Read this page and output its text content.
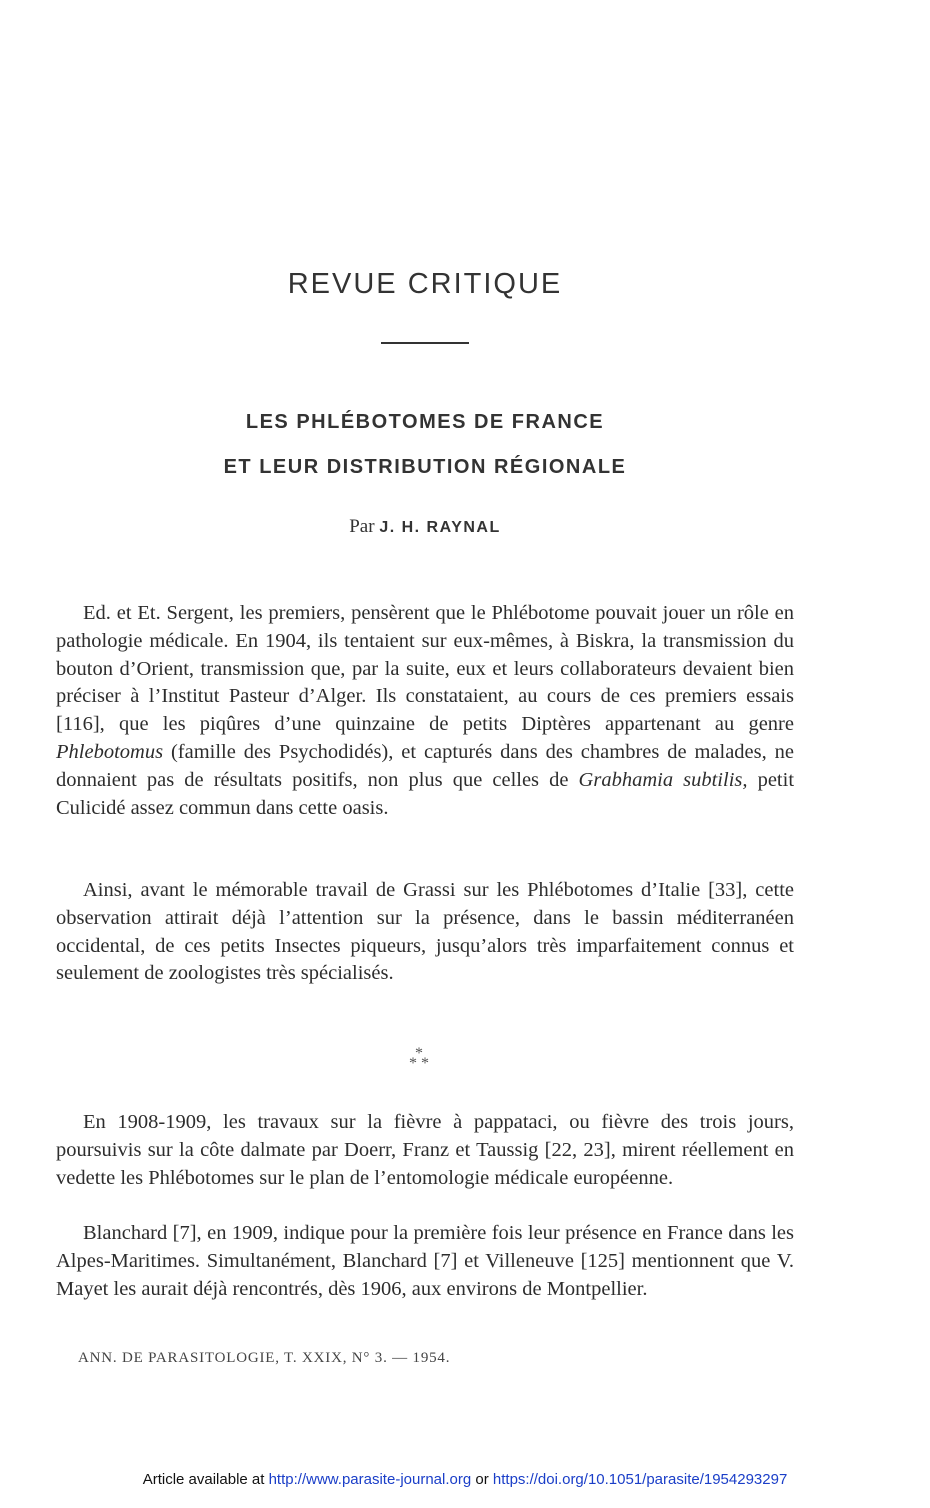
REVUE CRITIQUE
LES PHLÉBOTOMES DE FRANCE
ET LEUR DISTRIBUTION RÉGIONALE
Par J. H. RAYNAL

Ed. et Et. Sergent, les premiers, pensèrent que le Phlébotome pouvait jouer un rôle en pathologie médicale. En 1904, ils tentaient sur eux-mêmes, à Biskra, la transmission du bouton d’Orient, transmission que, par la suite, eux et leurs collaborateurs devaient bien préciser à l’Institut Pasteur d’Alger. Ils constataient, au cours de ces premiers essais [116], que les piqûres d’une quinzaine de petits Diptères appartenant au genre Phlebotomus (famille des Psychodidés), et capturés dans des chambres de malades, ne donnaient pas de résultats positifs, non plus que celles de Grabhamia subtilis, petit Culicidé assez commun dans cette oasis.

Ainsi, avant le mémorable travail de Grassi sur les Phlébotomes d’Italie [33], cette observation attirait déjà l’attention sur la présence, dans le bassin méditerranéen occidental, de ces petits Insectes piqueurs, jusqu’alors très imparfaitement connus et seulement de zoologistes très spécialisés.

*
* *

En 1908-1909, les travaux sur la fièvre à pappataci, ou fièvre des trois jours, poursuivis sur la côte dalmate par Doerr, Franz et Taussig [22, 23], mirent réellement en vedette les Phlébotomes sur le plan de l’entomologie médicale européenne.

Blanchard [7], en 1909, indique pour la première fois leur présence en France dans les Alpes-Maritimes. Simultanément, Blanchard [7] et Villeneuve [125] mentionnent que V. Mayet les aurait déjà rencontrés, dès 1906, aux environs de Montpellier.

ANN. DE PARASITOLOGIE, T. XXIX, N° 3. — 1954.
Article available at http://www.parasite-journal.org or https://doi.org/10.1051/parasite/1954293297
